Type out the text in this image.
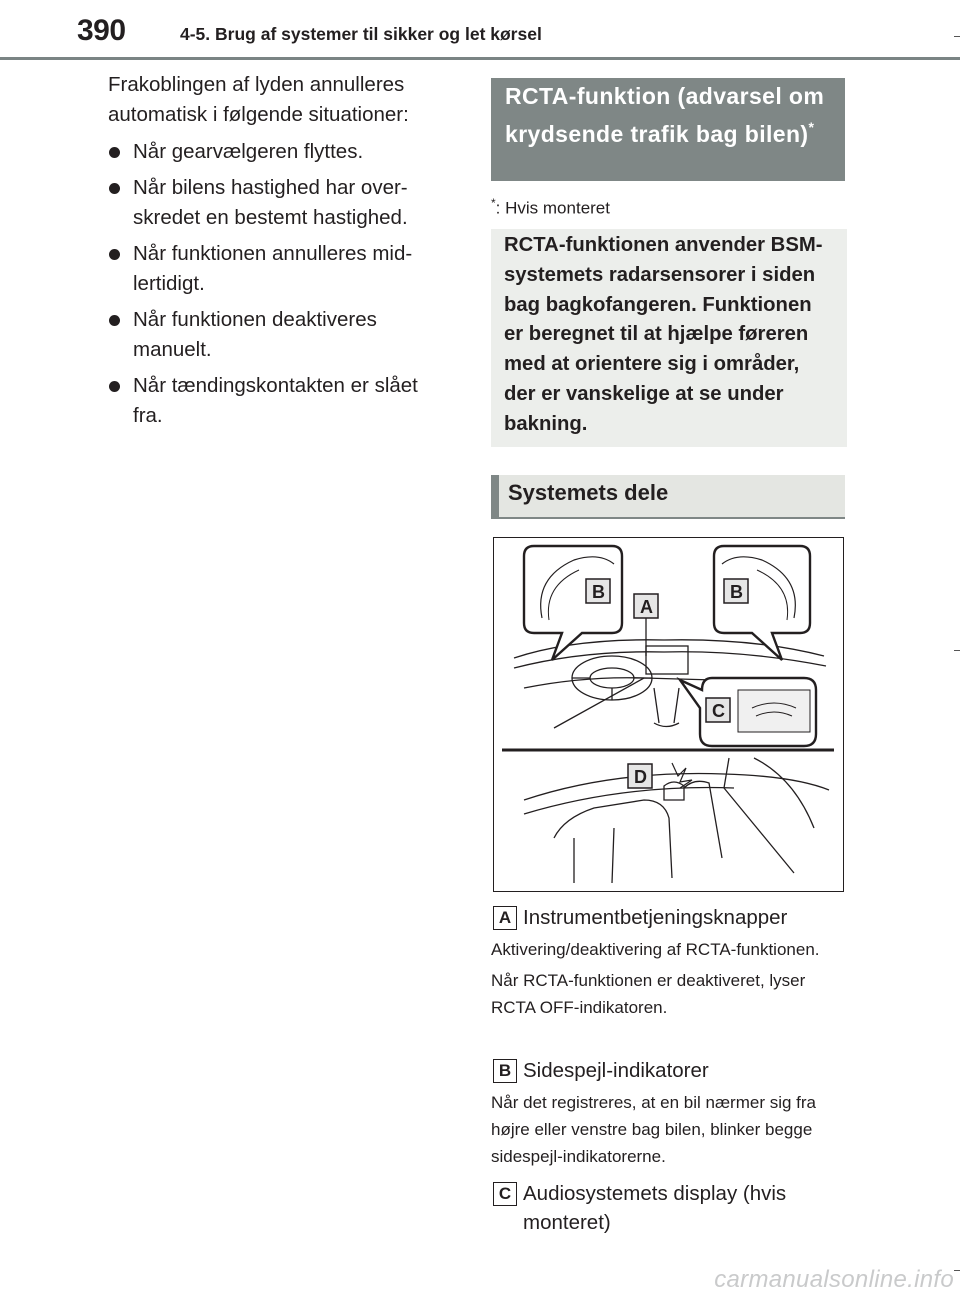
390	4-5. Brug af systemer til sikker og let kørsel

Frakoblingen af lyden annulleres automatisk i følgende situationer:

Når gearvælgeren flyttes.
Når bilens hastighed har overskredet en bestemt hastighed.
Når funktionen annulleres midlertidigt.
Når funktionen deaktiveres manuelt.
Når tændingskontakten er slået fra.
RCTA-funktion (advarsel om krydsende trafik bag bilen)*
*: Hvis monteret
RCTA-funktionen anvender BSM-systemets radarsensorer i siden bag bagkofangeren. Funktionen er beregnet til at hjælpe føreren med at orientere sig i områder, der er vanskelige at se under bakning.
Systemets dele
B
A
B
C
D
A Instrumentbetjeningsknapper

Aktivering/deaktivering af RCTA-funktionen.

Når RCTA-funktionen er deaktiveret, lyser RCTA OFF-indikatoren.

B Sidespejl-indikatorer

Når det registreres, at en bil nærmer sig fra højre eller venstre bag bilen, blinker begge sidespejl-indikatorerne.

C Audiosystemets display (hvis monteret)
carmanualsonline.info
